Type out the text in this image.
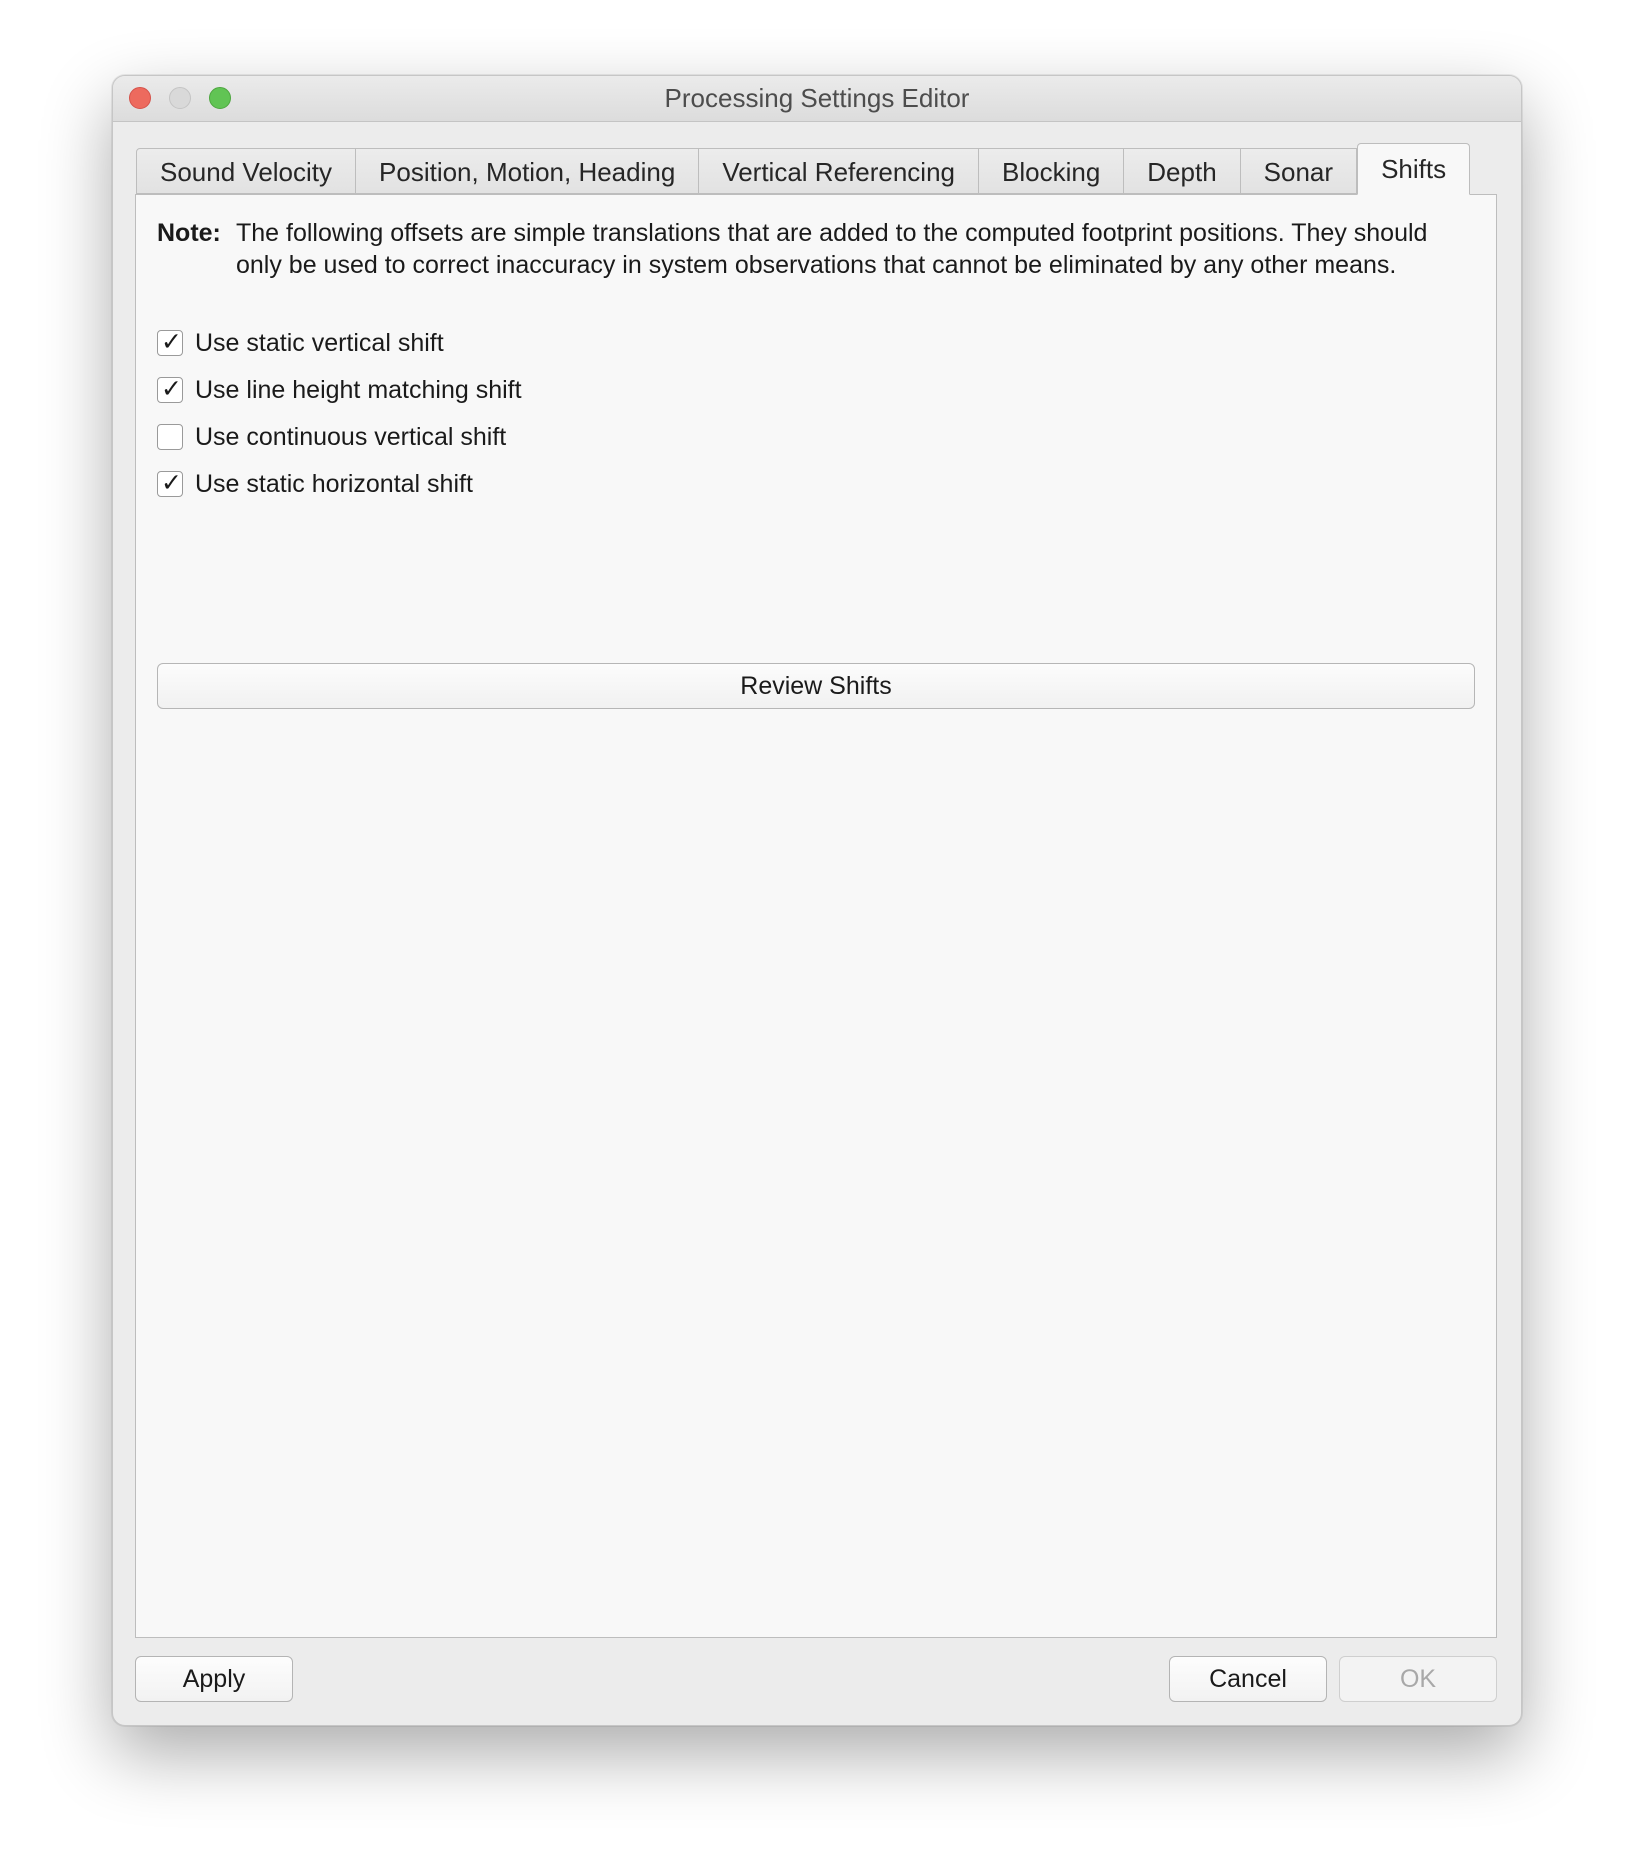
Processing Settings Editor
Sound Velocity	Position, Motion, Heading	Vertical Referencing	Blocking	Depth	Sonar	Shifts
Note: The following offsets are simple translations that are added to the computed footprint positions. They should only be used to correct inaccuracy in system observations that cannot be eliminated by any other means.
✓ Use static vertical shift
✓ Use line height matching shift
Use continuous vertical shift
✓ Use static horizontal shift
Review Shifts
Apply	Cancel	OK
